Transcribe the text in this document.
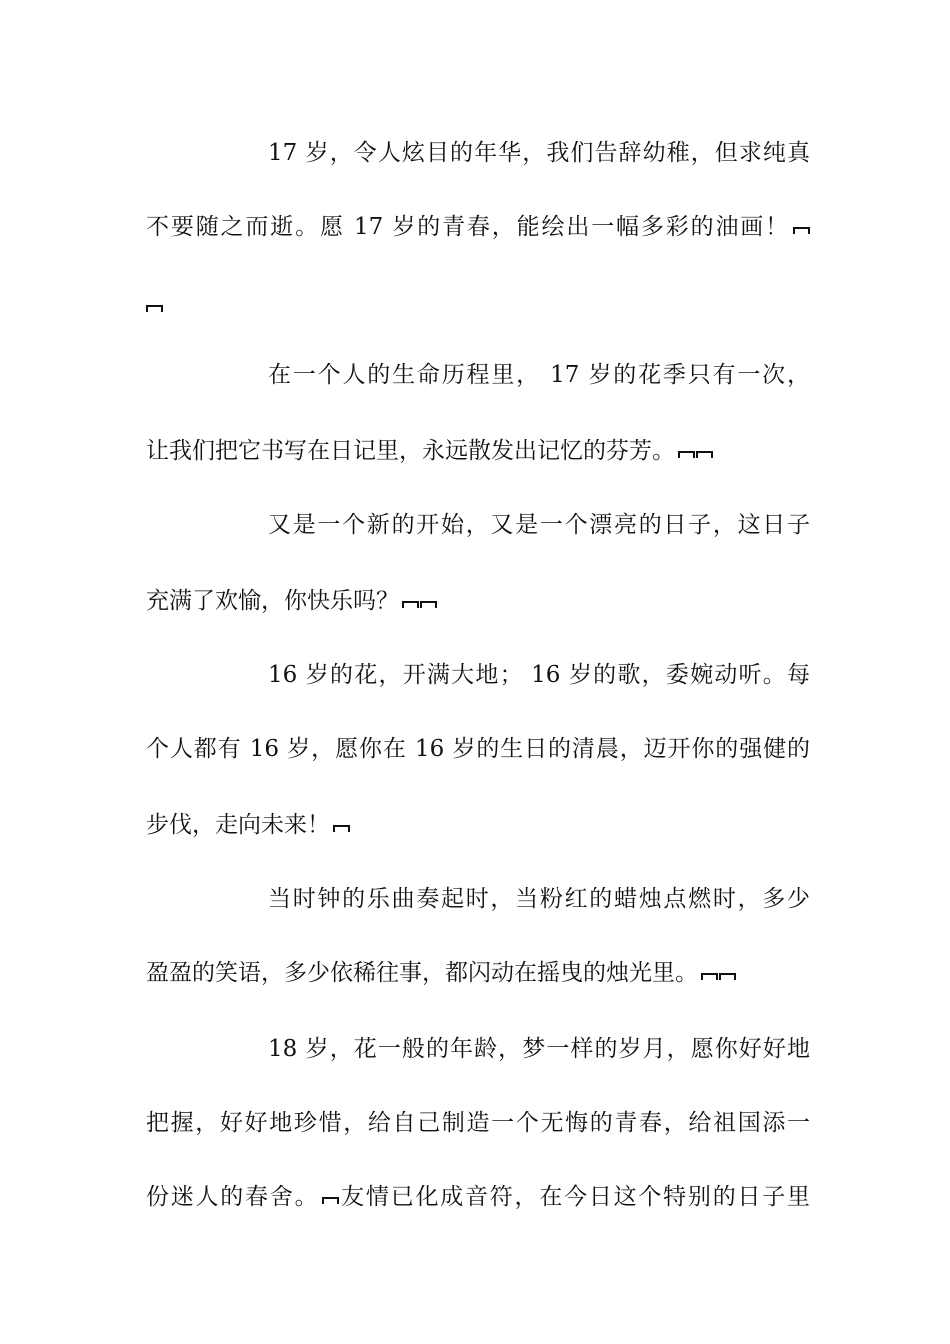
17 岁，令人炫目的年华，我们告辞幼稚，但求纯真
不要随之而逝。愿 17 岁的青春，能绘出一幅多彩的油画！
在一个人的生命历程里， 17 岁的花季只有一次，
让我们把它书写在日记里，永远散发出记忆的芬芳。
又是一个新的开始，又是一个漂亮的日子，这日子
充满了欢愉，你快乐吗？
16 岁的花，开满大地； 16 岁的歌，委婉动听。每
个人都有 16 岁，愿你在 16 岁的生日的清晨，迈开你的强健的
步伐，走向未来！
当时钟的乐曲奏起时，当粉红的蜡烛点燃时，多少
盈盈的笑语，多少依稀往事，都闪动在摇曳的烛光里。
18 岁，花一般的年龄，梦一样的岁月，愿你好好地
把握，好好地珍惜，给自己制造一个无悔的青春，给祖国添一
份迷人的春舍。 友情已化成音符，在今日这个特别的日子里
